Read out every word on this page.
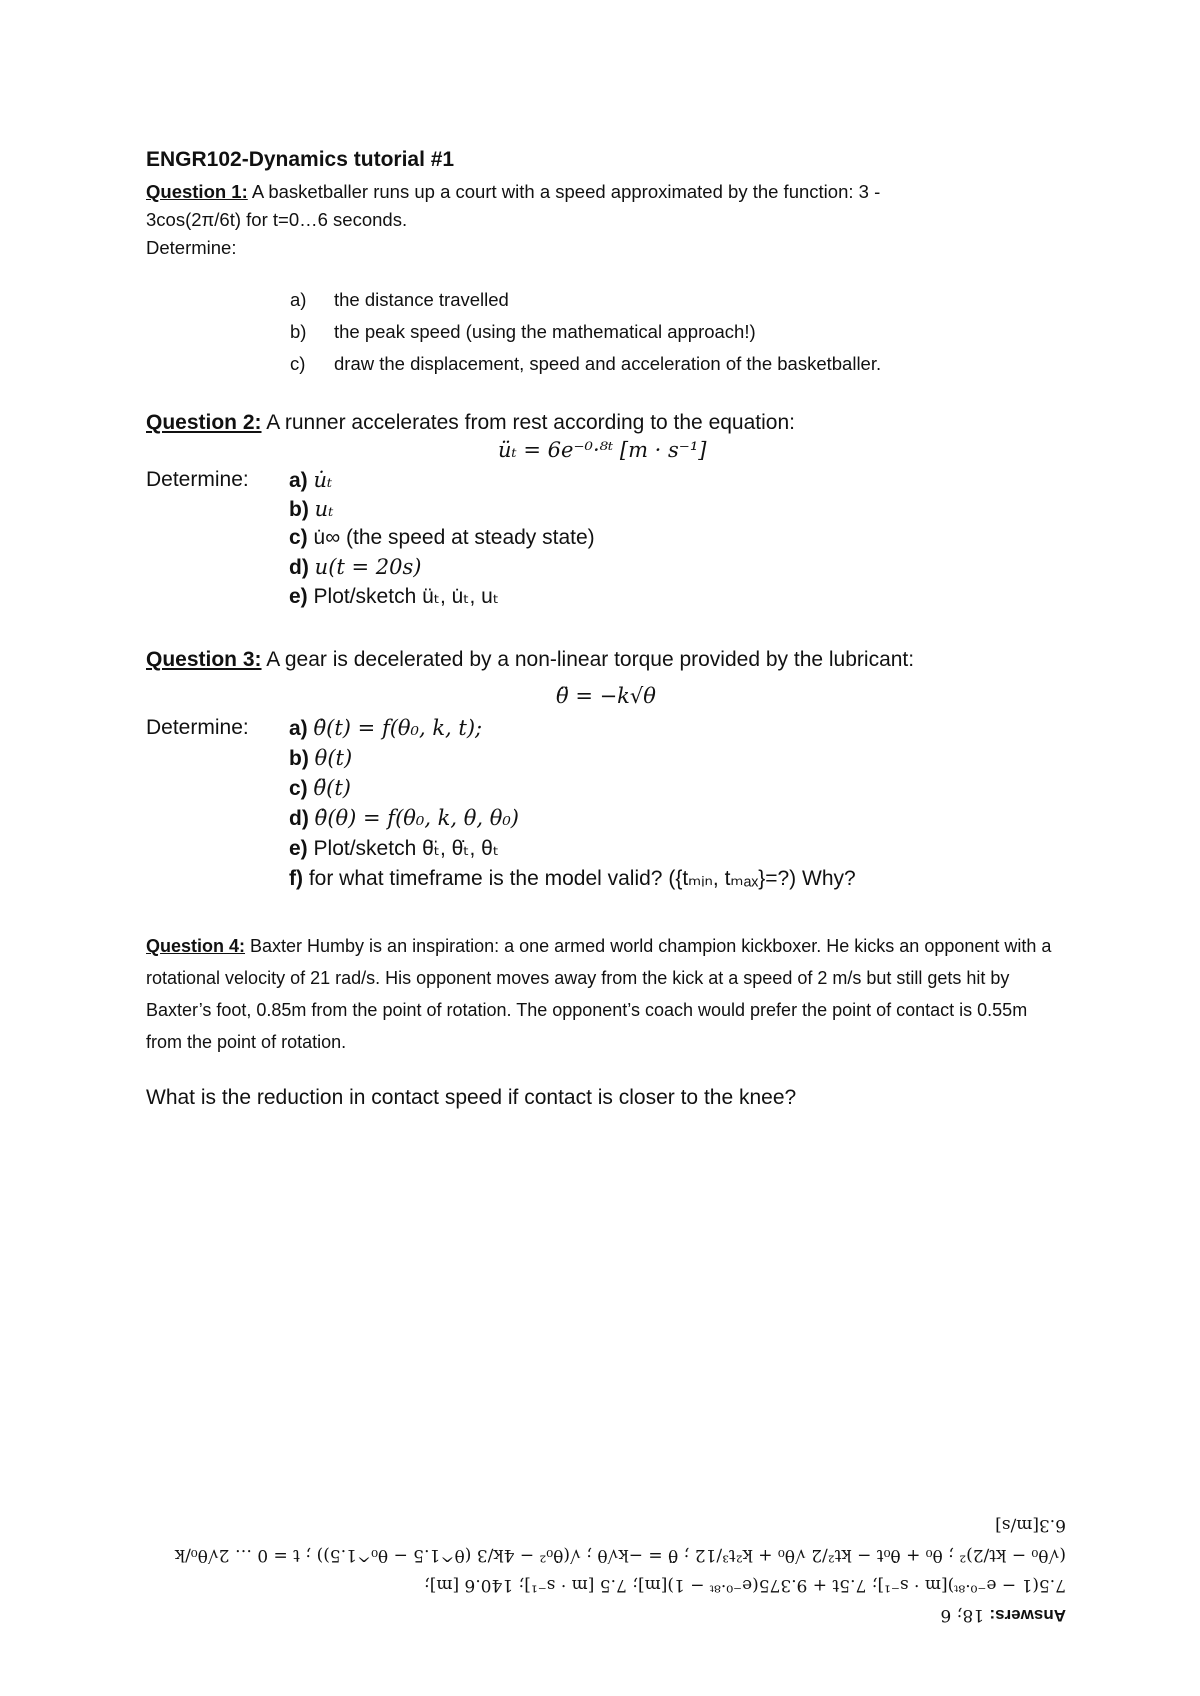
ENGR102-Dynamics tutorial #1
Question 1: A basketballer runs up a court with a speed approximated by the function: 3 -
3cos(2π/6t) for t=0…6 seconds.
Determine:
a) the distance travelled
b) the peak speed (using the mathematical approach!)
c) draw the displacement, speed and acceleration of the basketballer.
Question 2: A runner accelerates from rest according to the equation:
üₜ = 6e⁻⁰·⁸ᵗ [m · s⁻¹]
Determine: a) u̇ₜ
b) uₜ
c) u̇∞ (the speed at steady state)
d) u(t = 20s)
e) Plot/sketch üₜ, u̇ₜ, uₜ
Question 3: A gear is decelerated by a non-linear torque provided by the lubricant:
θ̈ = −k√θ
Determine: a) θ̇(t) = f(θ₀, k, t);
b) θ(t)
c) θ̈(t)
d) θ̇(θ) = f(θ₀, k, θ, θ₀)
e) Plot/sketch θ̈ₜ, θ̇ₜ, θₜ
f) for what timeframe is the model valid? ({tₘᵢₙ, tₘₐₓ}=?) Why?
Question 4: Baxter Humby is an inspiration: a one armed world champion kickboxer. He kicks an opponent with a rotational velocity of 21 rad/s. His opponent moves away from the kick at a speed of 2 m/s but still gets hit by Baxter’s foot, 0.85m from the point of rotation. The opponent’s coach would prefer the point of contact is 0.55m from the point of rotation.
What is the reduction in contact speed if contact is closer to the knee?
Answers: 18; 6
7.5(1 − e⁻⁰·⁸ᵗ)[m · s⁻¹]; 7.5t + 9.375(e⁻⁰·⁸ᵗ − 1)[m]; 7.5 [m · s⁻¹]; 140.6 [m];
(√θ₀ − kt/2)² ; θ₀ + θ̇₀t − kt²/2 √θ₀ + k²t³/12 ; θ̈ = −k√θ ; √(θ̇₀² − 4k/3 (θ^1.5 − θ₀^1.5)) ; t = 0 … 2√θ₀/k
6.3[m/s]
